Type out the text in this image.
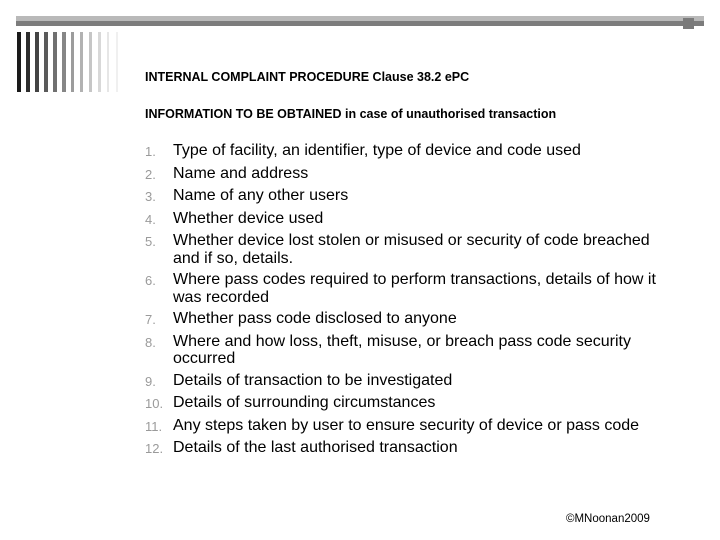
INTERNAL COMPLAINT PROCEDURE Clause 38.2 ePC
INFORMATION TO BE OBTAINED in case of unauthorised transaction
1.	Type of facility, an identifier, type of device and code used
2.	Name and address
3.	Name of any other users
4.	Whether device used
5.	Whether device lost stolen or misused or security of code breached and if so, details.
6.	Where pass codes required to perform transactions, details of how it was recorded
7.	Whether pass code disclosed to anyone
8.	Where and how loss, theft, misuse, or breach pass code security occurred
9.	Details of transaction to be investigated
10. Details of surrounding circumstances
11. Any steps taken by user to ensure security of device or pass code
12. Details of the last authorised transaction
©MNoonan2009
